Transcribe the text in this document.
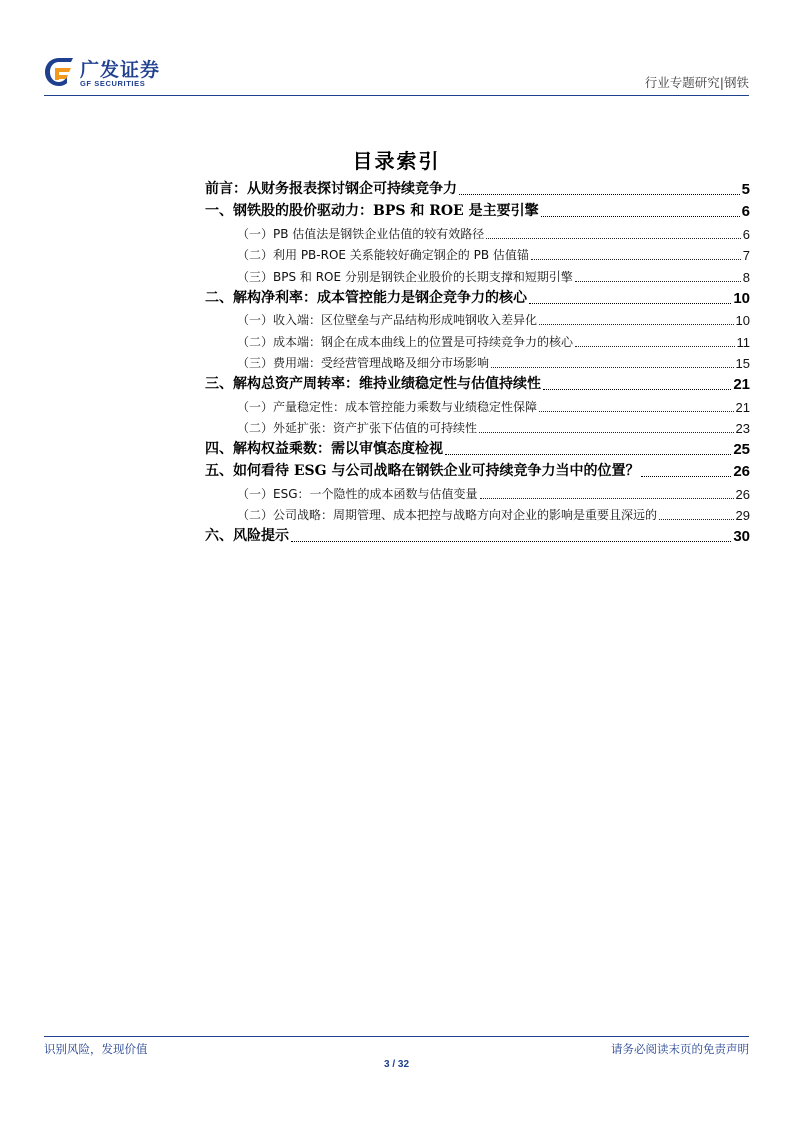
广发证券
GF SECURITIES	行业专题研究|钢铁
目录索引
前言：从财务报表探讨钢企可持续竞争力	5
一、钢铁股的股价驱动力：BPS 和 ROE 是主要引擎	6
（一）PB 估值法是钢铁企业估值的较有效路径	6
（二）利用 PB-ROE 关系能较好确定钢企的 PB 估值锚	7
（三）BPS 和 ROE 分别是钢铁企业股价的长期支撑和短期引擎	8
二、解构净利率：成本管控能力是钢企竞争力的核心	10
（一）收入端：区位壁垒与产品结构形成吨钢收入差异化	10
（二）成本端：钢企在成本曲线上的位置是可持续竞争力的核心	11
（三）费用端：受经营管理战略及细分市场影响	15
三、解构总资产周转率：维持业绩稳定性与估值持续性	21
（一）产量稳定性：成本管控能力乘数与业绩稳定性保障	21
（二）外延扩张：资产扩张下估值的可持续性	23
四、解构权益乘数：需以审慎态度检视	25
五、如何看待 ESG 与公司战略在钢铁企业可持续竞争力当中的位置？	26
（一）ESG：一个隐性的成本函数与估值变量	26
（二）公司战略：周期管理、成本把控与战略方向对企业的影响是重要且深远的	29
六、风险提示	30
识别风险，发现价值	请务必阅读末页的免责声明
3 / 32
